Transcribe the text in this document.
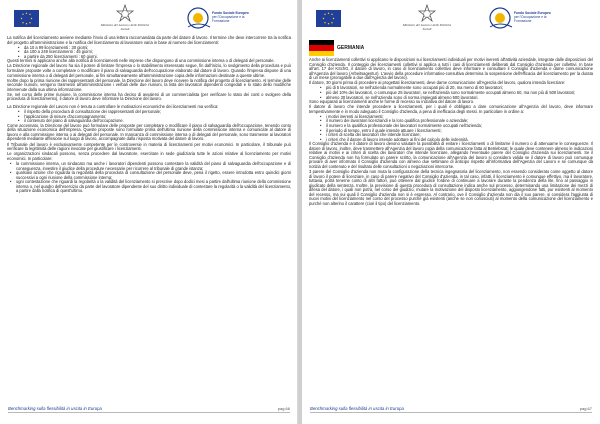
Ministero del Lavoro e delle Politiche Sociali
Fondo Sociale Europeo
per l'Occupazione e la Formazione

La notifica del licenziamento avviene mediante l'invio di una lettera raccomandata da parte del datore di lavoro. Il termine che deve intercorrere tra la notifica del progetto all'amministrazione e la notifica del licenziamento al lavoratore varia in base al numero dei licenziamenti:

• da 10 a 99 licenziamenti : 30 giorni;
• da 100 a 249 licenziamenti : 45 giorni;
• a partire da 250 licenziamenti : 60 giorni.

Questi termini si applicano anche alla notifica di licenziamenti nelle imprese che dispongono di una commissione interna o di delegati del personale.

La Direzione regionale del lavoro ha sia il potere di limitare l'impresa o lo stabilimento interessato segue, fin dall'inizio, lo svolgimento della procedura e può formulare proposte volte a completare o modificare il piano di salvaguardia dell'occupazione elaborato dal datore di lavoro. Quando l'impresa dispone di una commissione interna o di delegati del personale, ai fini simultaneamente all'amministrazione copia delle informazioni destinate a queste ultime.

Inoltre dopo la prima riunione dei rappresentanti del personale, la Direzione del lavoro deve ricevere la notifica del progetto di licenziamento. Al termine delle seconde riunioni, vengono trasmessi all'amministrazione i verbali delle due riunioni, la lista dei lavoratori dipendenti congedati e lo stato dello modifiche intervenute dalla sua ultima informazione.

Se, nel corso delle prime riunione, la commissione interna ha deciso di avvalersi di un commercialista (per verificare lo stato dei conti o svolgere della procedura di licenziamento), il datore di lavoro deve informare la Direzione del lavoro.

La Direzione regionale del Lavoro non è tenuta a controllare le motivazioni economiche dei licenziamenti ma verifica:

• il rispetto della procedura di consultazione dei rappresentanti del personale;
• l'applicazione di misure d'accompagnamento;
• il contenuto del piano di salvaguardia dell'occupazione.

Come accennato, la Direzione del lavoro può formulare delle proposte per completare o modificare il piano di salvaguardia dell'occupazione, tenendo conto della situazione economica dell'impresa. Queste proposte sono formulate prima dell'ultima riunione della commissione interna e comunicate al datore di lavoro e alla commissione interna o ai delegati del personale. In mancanza di commissione interna o di delegati del personale, sono trasmesse ai lavoratori dipendenti mediante affissione sul luogo di lavoro, accompagnate dalla risposta motivata del datore di lavoro.

Il Tribunale del lavoro è esclusivamente competente per le controversie in materia di licenziamenti per motivi economici. In particolare, il tribunale può verificare la legittimità delle ragioni invocate per giustificare i licenziamenti.

Le organizzazioni sindacali possono, senza procedere dal lavoratore, esercitare in sede giudiziaria tutte le azioni relative al licenziamento per motivi economici. In particolare:

• la commissione interna, un sindacato ma anche i lavoratori dipendenti possono contestare la validità del piano di salvaguardia dell'occupazione e di conseguenza, investire il giudice della procedure necessarie per ricorrere al tribunale di grande istanza;
• qualsiasi azione che riguarda la regolarità della procedura di consultazione del personale deve, pena il rigetto, essere introdotta entro quindici giorni successivi a ogni riunione della commissione interna;
• ogni contestazione che riguardi la regolarità o la validità del licenziamento si prescrive dopo dodici mesi a partire dall'ultima riunione della commissione interna o, nel quadro dell'esercizio da parte del lavoratore dipendente del suo diritto individuale di contestare la regolarità o la validità del licenziamento, a partire dalla notifica di quest'ultimo.
Benchmarking sulla flessibilità in uscita in Europa	pag.66
Ministero del Lavoro e delle Politiche Sociali
Fondo Sociale Europeo
per l'Occupazione e la Formazione
GERMANIA

Anche ai licenziamenti collettivi si applicano le disposizioni sui licenziamenti individuali per motivi inerenti all'attività aziendale, integrate dalle disposizioni del Consiglio d'azienda. Il conteggio dei licenziamenti collettivi si applica a tutti i casi di licenziamenti deliberati dal Consiglio d'azienda per collettivi. In base all'art. 17 del KSchG, il datore di lavoro, in caso di licenziamento collettivo deve informare e consultare il Consiglio d'azienda e darne comunicazione all'Agenzia del lavoro (Arbeitsagentur). L'avvio della procedure informativo-consultiva determina la sospensione dell'efficacia del licenziamento per la durata di un mese (prorogabile a due dall'Agenzia del lavoro).

Il datore, 30 giorni prima di procedere ai progettati licenziamenti, deve darne comunicazione all'Agenzia del lavoro, qualora intenda licenziare:

• più di 5 lavoratori, se nell'azienda normalmente sono occupati più di 20, ma meno di 60 lavoratori;
• più del 10% dei lavoratori, o comunque 25 lavoratori, se nell'azienda sono normalmente occupati almeno 60, ma non più di 500 lavoratori;
• almeno 30 lavoratori, se nell'azienda sono di norma impiegati almeno 500 lavoratori.

Sono equiparati ai licenziamenti anche le forme di recesso su iniziativa del datore di lavoro.

Il datore di lavoro che intende procedere a licenziamenti, per i quali è obbligato a dare comunicazione all'Agenzia del lavoro, deve informare tempestivamente e in modo adeguato il Consiglio d'azienda, a pena di inefficacia degli stessi. In particolare in ordine a:

• i motivi inerenti ai licenziamenti;
• il numero dei lavoratori licenziandi e la loro qualifica professionale o aziendale;
• il numero e la qualifica professionale dei lavoratori normalmente occupati nell'azienda;
• il periodo di tempo, entro il quale intende attuare i licenziamenti;
• i criteri di scelta dei lavoratori che intende licenziare;
• i criteri che il datore di lavoro intende adottare ai fini del calcolo delle indennità.

Il Consiglio d'azienda e il datore di lavoro devono valutare la possibilità di evitare i licenziamenti o di limitarne il numero o di attenuarne le conseguenze. Il datore di lavoro, inoltre, deve trasmettere all'Agenzia del lavoro copia della comunicazione fatta al Betriebsrat; le quale deve contenere almeno le indicazioni relative ai motivi e ai criteri di scelta dei lavoratori che intende licenziare, allegando l'eventuale parere del Consiglio d'azienda sui licenziamenti. Se il Consiglio d'azienda non ha formulato un parere scritto, la comunicazione all'Agenzia del lavoro si considera valida se il datore di lavoro può comunque provare di aver informato il Consiglio d'azienda con almeno due settimane di anticipo rispetto all'informativa dell'Agenzia del Lavoro e se comunque dà notizia del contenuto e del risultato delle consultazioni o negoziazioni intercorse.

3 parere del Consiglio d'azienda non muta la configurazione della tecnica ingegnatoria del licenziamento, non essendo considerato come oggetto al datore di lavoro il potere di licenziare, in caso di parere negativo del Consiglio d'azienda, in tal caso, infatti, il licenziamento è comunque effettivo, ma il lavoratore, tuttavia, potrà tenerne conto di altri fattori, può ottenere dal giudice l'ordine di continuare a lavorare durante la pendenza della lite, fino al passaggio in giudicato della sentenza. Inoltre, la previsione di questa procedura di consultazione indica anche sul processo, determinando una limitazione dei mezzi di difesa del datore, i quali non potrà, nel corso del giudizio, mutare la motivazione del disposto licenziamento, aggiungendone fatti, pur esistenti al momento del recesso, ma sui quali il Consiglio d'azienda non si è espresso. Al contrario, ove il Consiglio d'azienda non dia il suo parere, si considera l'aggiunta di nuovi motivi del licenziamento nel corso del processo purché già esistenti (anche se non conosciuti) al momento della comunicazione del licenziamento e purché non alterino il carattere (cioè il tipo) del licenziamento.

Benchmarking sulla flessibilità in uscita in Europa	pag.67
